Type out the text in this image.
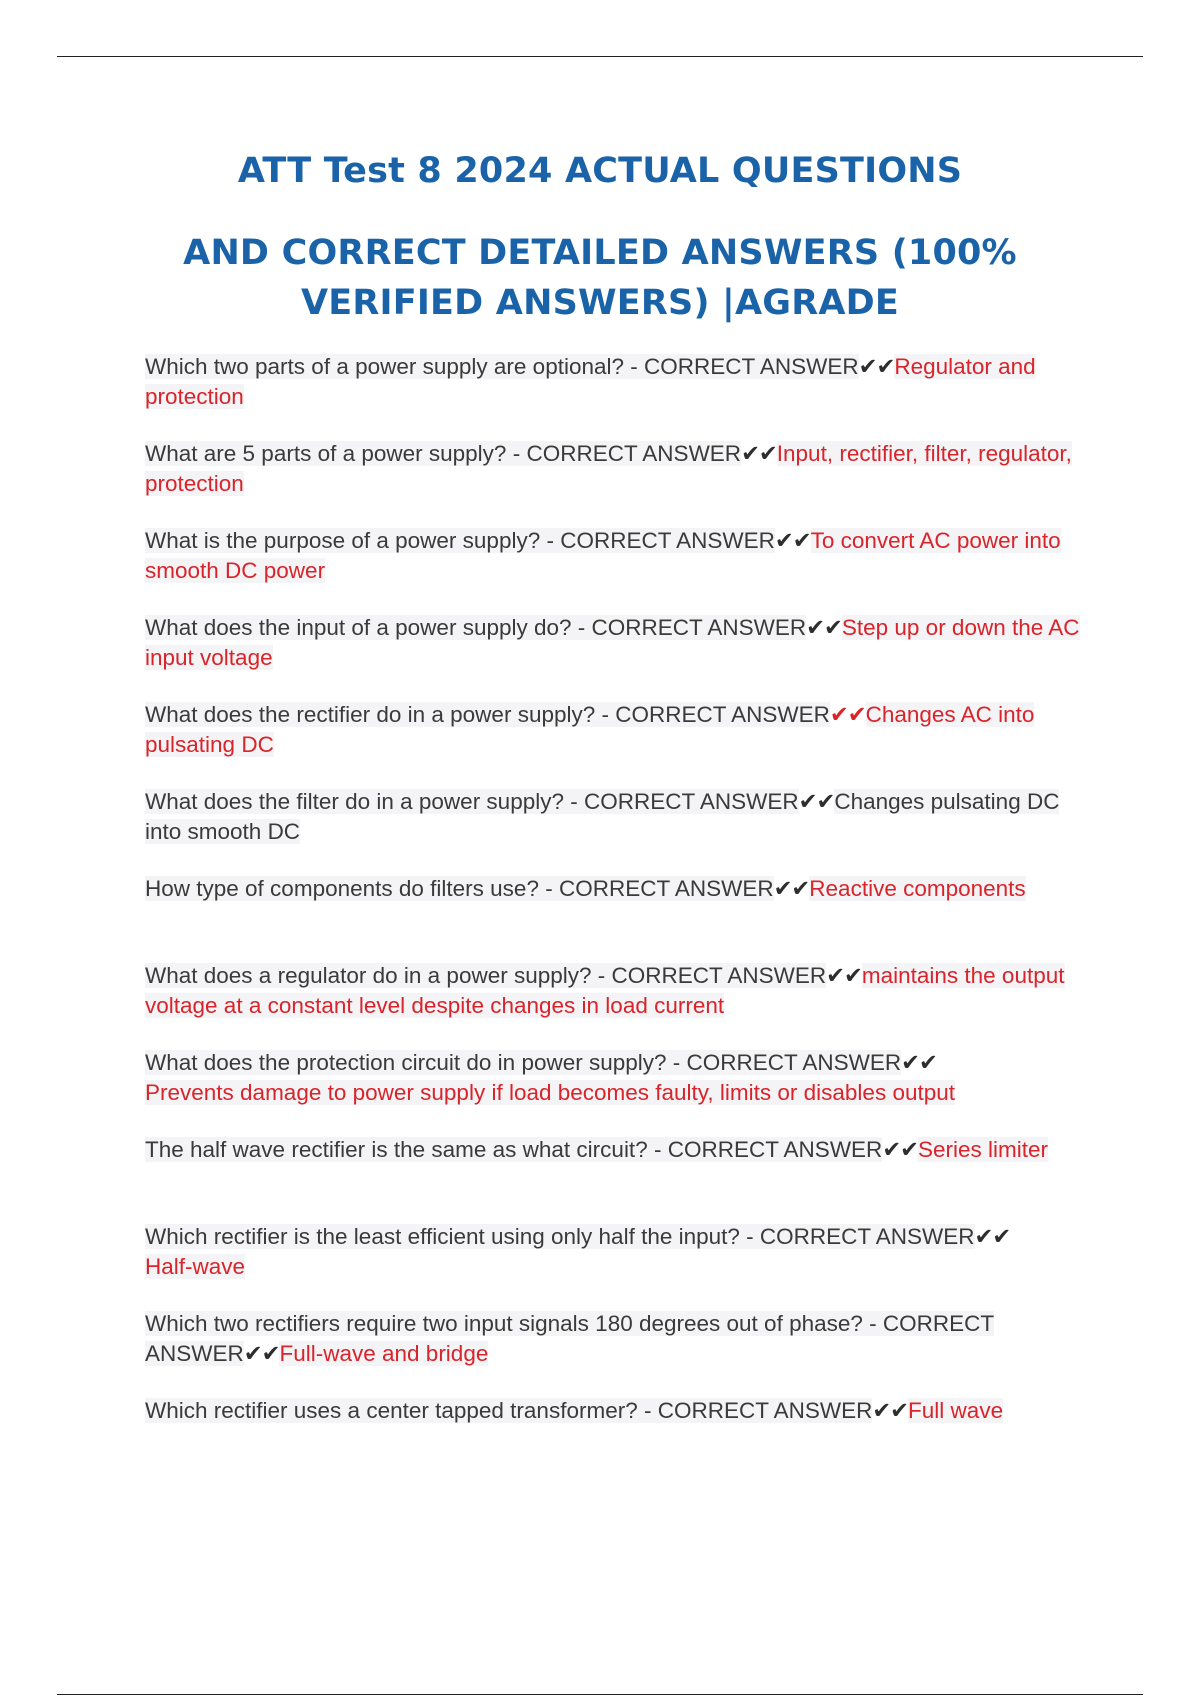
ATT Test 8 2024 ACTUAL QUESTIONS
AND CORRECT DETAILED ANSWERS (100% VERIFIED ANSWERS) |AGRADE
Which two parts of a power supply are optional? - CORRECT ANSWER✔✔Regulator and protection
What are 5 parts of a power supply? - CORRECT ANSWER✔✔Input, rectifier, filter, regulator, protection
What is the purpose of a power supply? - CORRECT ANSWER✔✔To convert AC power into smooth DC power
What does the input of a power supply do? - CORRECT ANSWER✔✔Step up or down the AC input voltage
What does the rectifier do in a power supply? - CORRECT ANSWER✔✔Changes AC into pulsating DC
What does the filter do in a power supply? - CORRECT ANSWER✔✔Changes pulsating DC into smooth DC
How type of components do filters use? - CORRECT ANSWER✔✔Reactive components
What does a regulator do in a power supply? - CORRECT ANSWER✔✔maintains the output voltage at a constant level despite changes in load current
What does the protection circuit do in power supply? - CORRECT ANSWER✔✔
Prevents damage to power supply if load becomes faulty, limits or disables output
The half wave rectifier is the same as what circuit? - CORRECT ANSWER✔✔Series limiter
Which rectifier is the least efficient using only half the input? - CORRECT ANSWER✔✔
Half-wave
Which two rectifiers require two input signals 180 degrees out of phase? - CORRECT ANSWER✔✔Full-wave and bridge
Which rectifier uses a center tapped transformer? - CORRECT ANSWER✔✔Full wave
